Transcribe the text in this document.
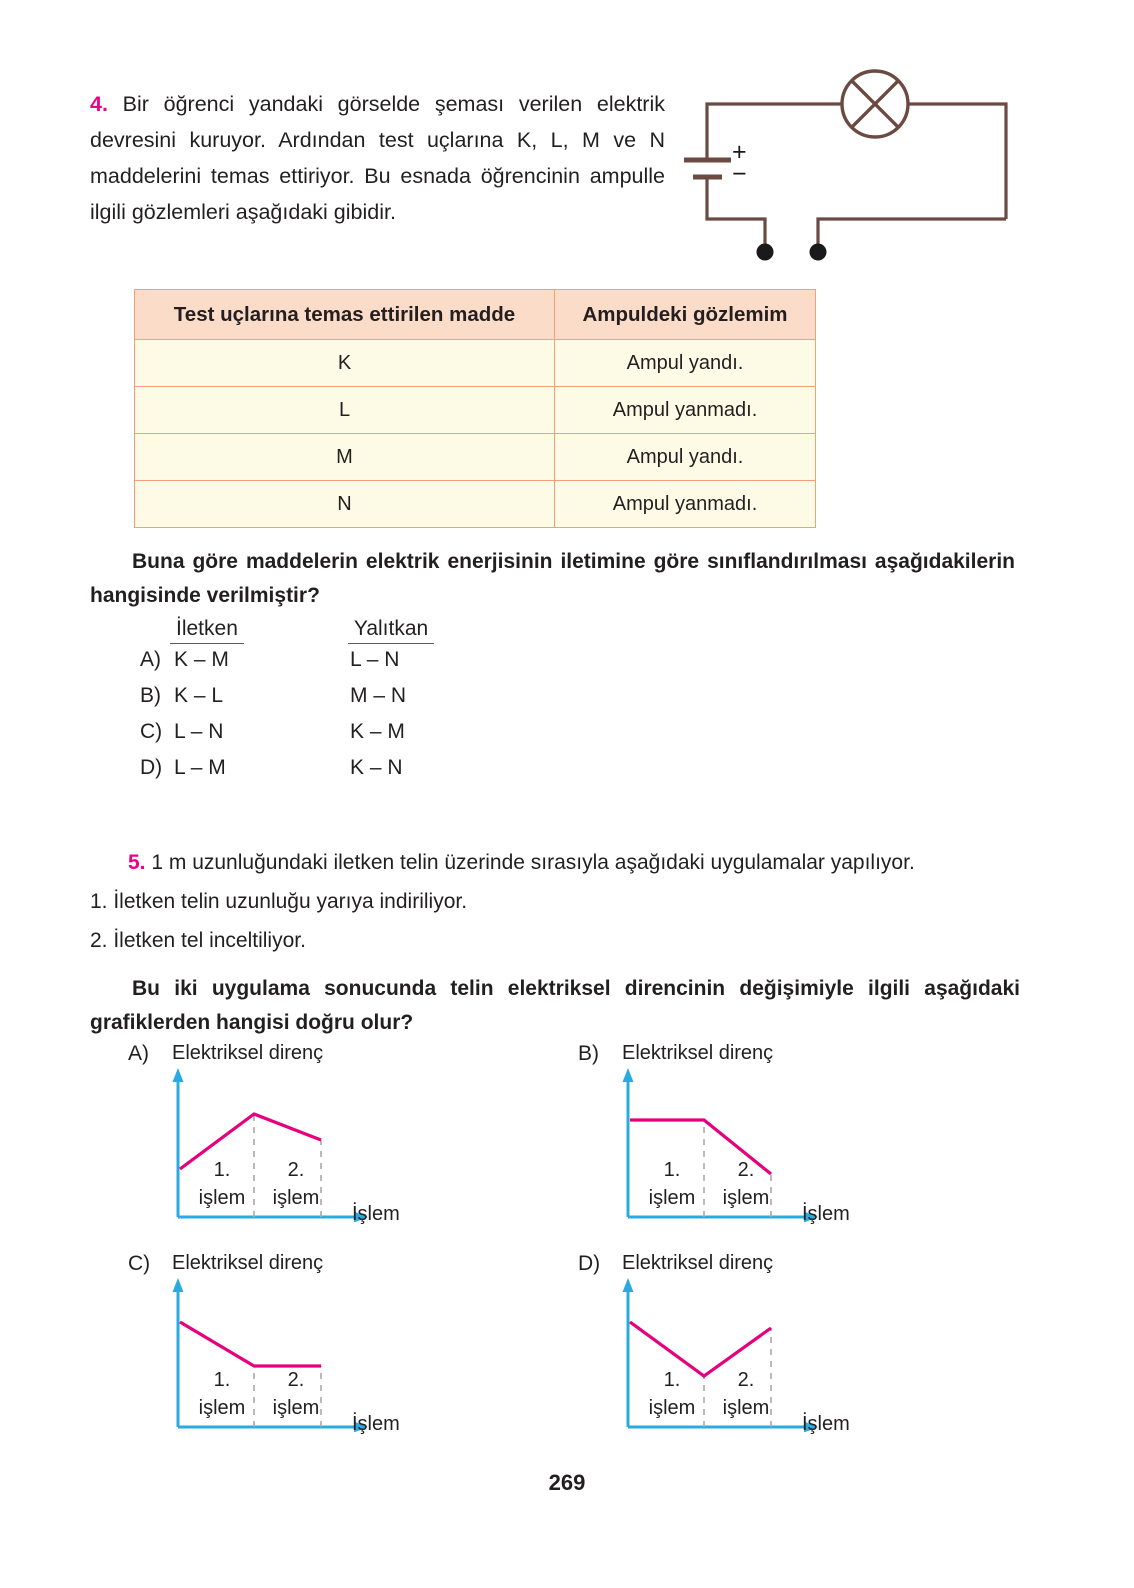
4. Bir öğrenci yandaki görselde şeması verilen elektrik devresini kuruyor. Ardından test uçlarına K, L, M ve N maddelerini temas ettiriyor. Bu esnada öğrencinin ampulle ilgili gözlemleri aşağıdaki gibidir.
+
−
Test uçlarına temas ettirilen madde	Ampuldeki gözlemim
K	Ampul yandı.
L	Ampul yanmadı.
M	Ampul yandı.
N	Ampul yanmadı.
Buna göre maddelerin elektrik enerjisinin iletimine göre sınıflandırılması aşağıdakilerin hangisinde verilmiştir?
İletken	Yalıtkan
A) K – M	L – N
B) K – L	M – N
C) L – N	K – M
D) L – M	K – N
5. 1 m uzunluğundaki iletken telin üzerinde sırasıyla aşağıdaki uygulamalar yapılıyor.
1. İletken telin uzunluğu yarıya indiriliyor.
2. İletken tel inceltiliyor.
Bu iki uygulama sonucunda telin elektriksel direncinin değişimiyle ilgili aşağıdaki grafiklerden hangisi doğru olur?
A) Elektriksel direnç
1.
işlem
2.
işlem
İşlem
B) Elektriksel direnç
1.
işlem
2.
işlem
İşlem
C) Elektriksel direnç
1.
işlem
2.
işlem
İşlem
D) Elektriksel direnç
1.
işlem
2.
işlem
İşlem
269
